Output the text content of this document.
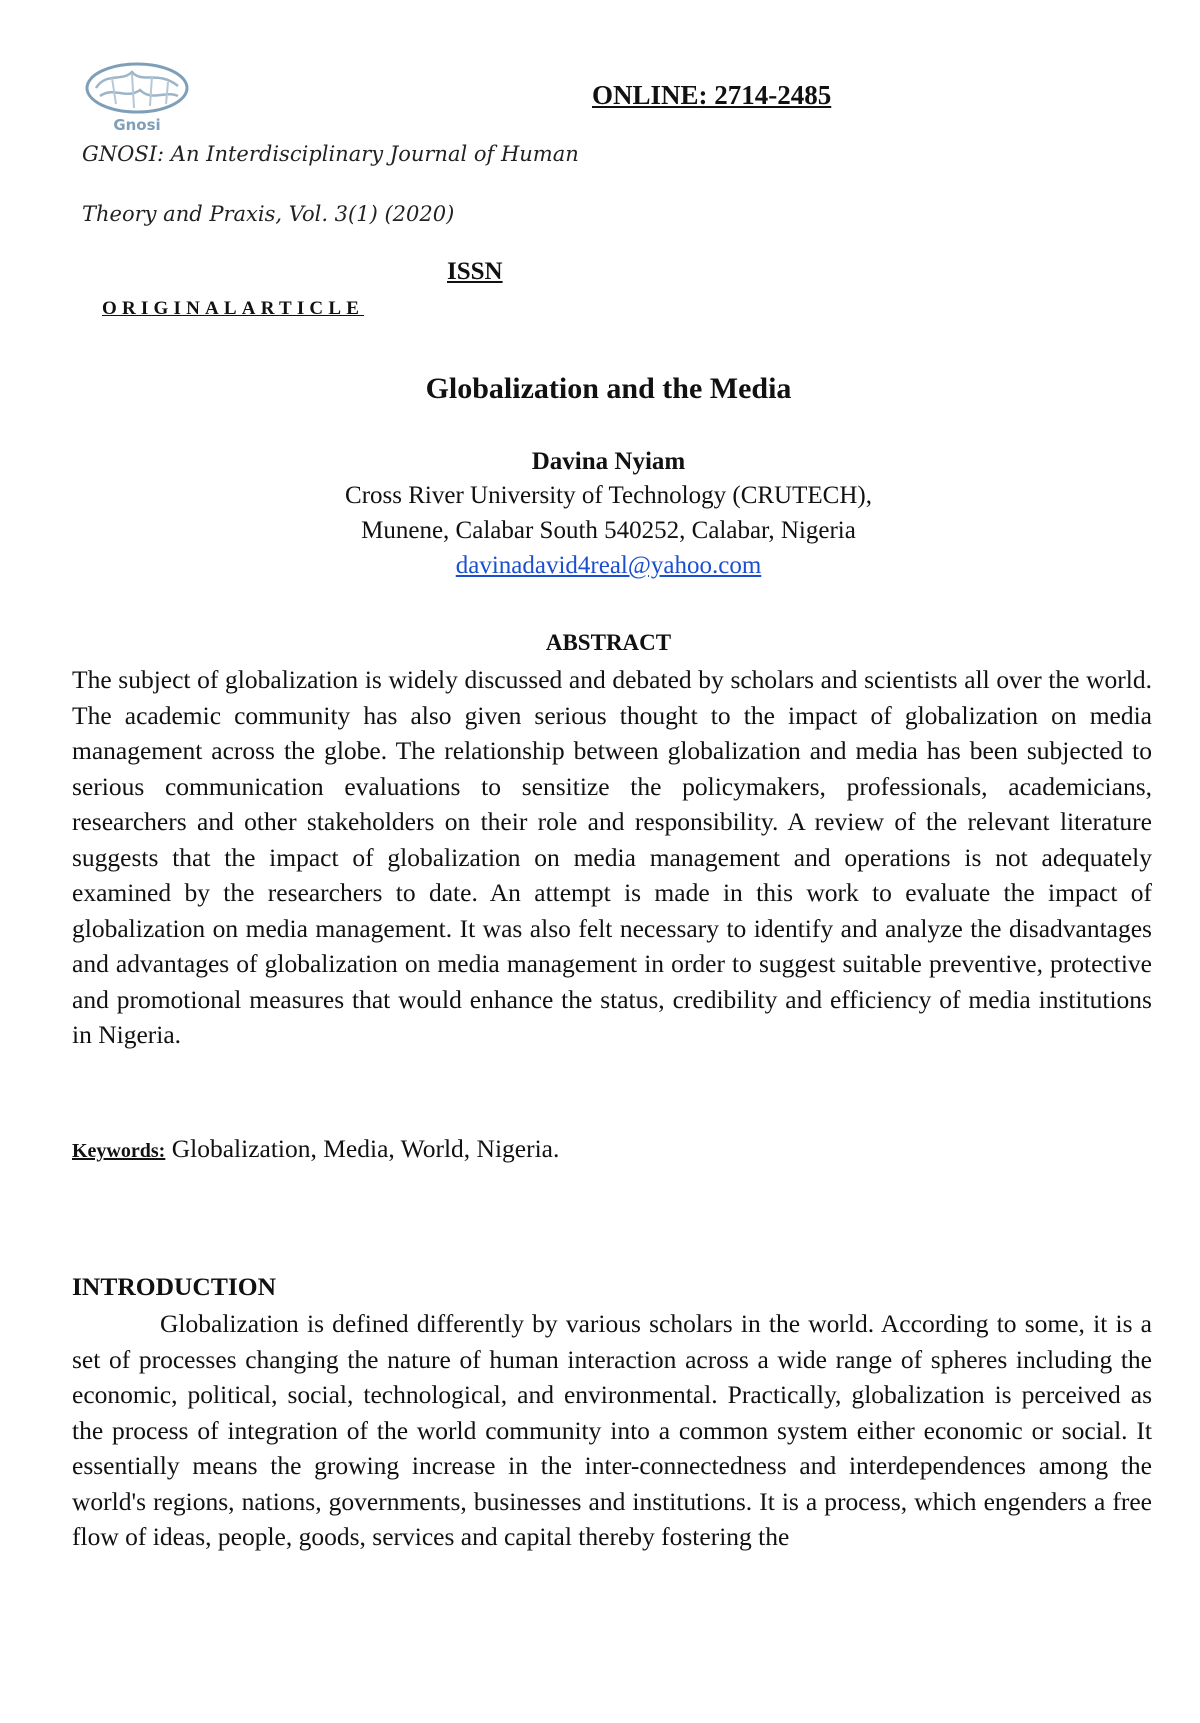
Gnosi
ONLINE: 2714-2485
GNOSI: An Interdisciplinary Journal of Human
Theory and Praxis, Vol. 3(1) (2020)
ISSN
ORIGINALARTICLE
Globalization and the Media
Davina Nyiam
Cross River University of Technology (CRUTECH),
Munene, Calabar South 540252, Calabar, Nigeria
davinadavid4real@yahoo.com
ABSTRACT

The subject of globalization is widely discussed and debated by scholars and scientists all over the world. The academic community has also given serious thought to the impact of globalization on media management across the globe. The relationship between globalization and media has been subjected to serious communication evaluations to sensitize the policymakers, professionals, academicians, researchers and other stakeholders on their role and responsibility. A review of the relevant literature suggests that the impact of globalization on media management and operations is not adequately examined by the researchers to date. An attempt is made in this work to evaluate the impact of globalization on media management. It was also felt necessary to identify and analyze the disadvantages and advantages of globalization on media management in order to suggest suitable preventive, protective and promotional measures that would enhance the status, credibility and efficiency of media institutions in Nigeria.

Keywords: Globalization, Media, World, Nigeria.
INTRODUCTION

Globalization is defined differently by various scholars in the world. According to some, it is a set of processes changing the nature of human interaction across a wide range of spheres including the economic, political, social, technological, and environmental. Practically, globalization is perceived as the process of integration of the world community into a common system either economic or social. It essentially means the growing increase in the inter-connectedness and interdependences among the world's regions, nations, governments, businesses and institutions. It is a process, which engenders a free flow of ideas, people, goods, services and capital thereby fostering the
